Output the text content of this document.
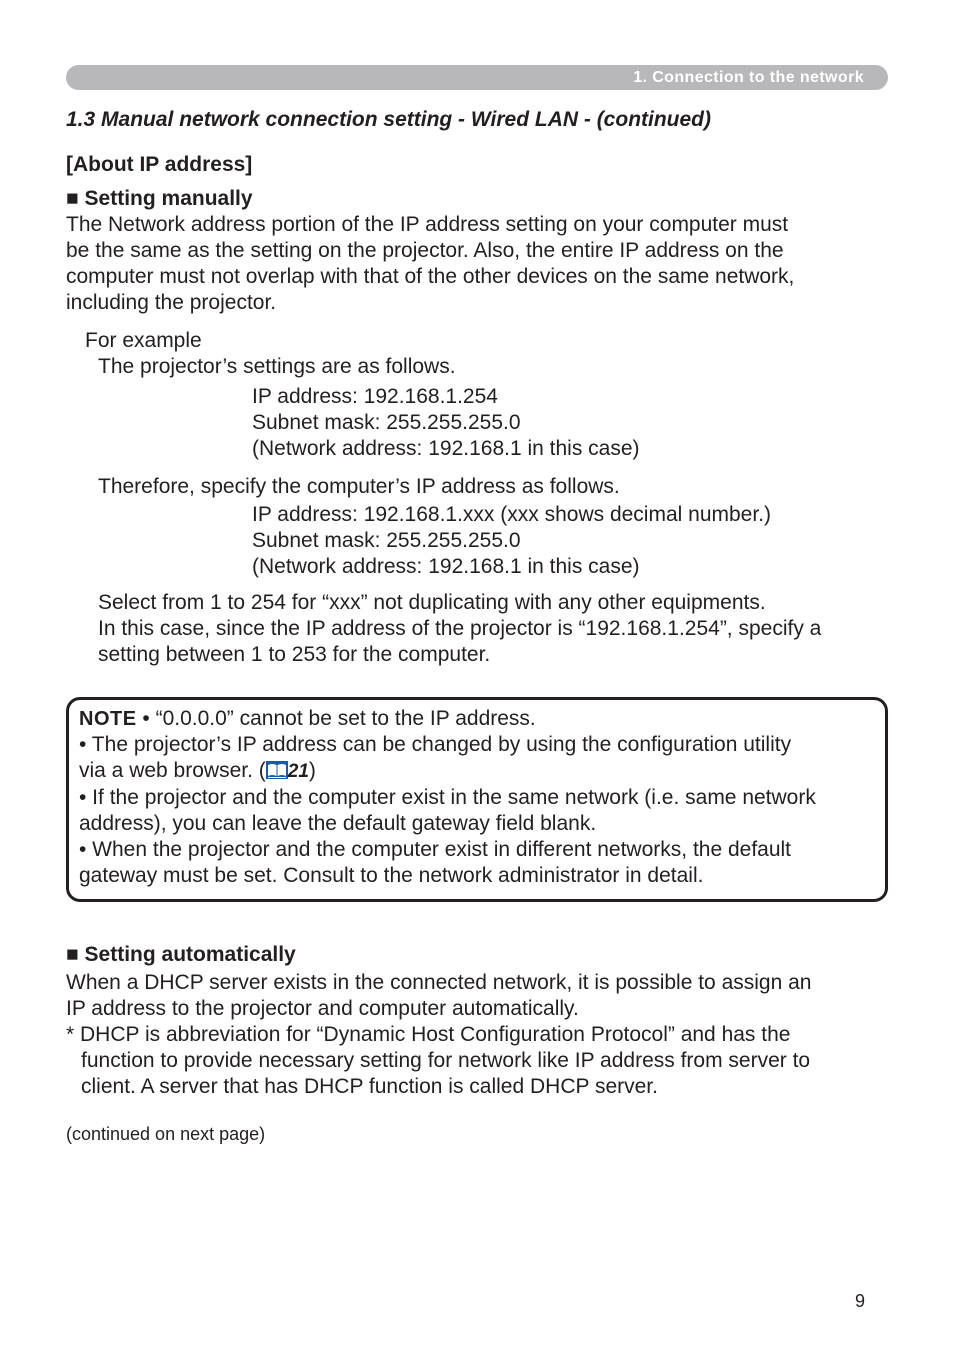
1. Connection to the network
1.3 Manual network connection setting - Wired LAN - (continued)
[About IP address]
■ Setting manually
The Network address portion of the IP address setting on your computer must
be the same as the setting on the projector. Also, the entire IP address on the
computer must not overlap with that of the other devices on the same network,
including the projector.
For example
The projector’s settings are as follows.
IP address: 192.168.1.254
Subnet mask: 255.255.255.0
(Network address: 192.168.1 in this case)
Therefore, specify the computer’s IP address as follows.
IP address: 192.168.1.xxx (xxx shows decimal number.)
Subnet mask: 255.255.255.0
(Network address: 192.168.1 in this case)
Select from 1 to 254 for “xxx” not duplicating with any other equipments.
In this case, since the IP address of the projector is “192.168.1.254”, specify a
setting between 1 to 253 for the computer.
NOTE • “0.0.0.0” cannot be set to the IP address.
• The projector’s IP address can be changed by using the configuration utility
via a web browser. ( 21)
• If the projector and the computer exist in the same network (i.e. same network
address), you can leave the default gateway field blank.
• When the projector and the computer exist in different networks, the default
gateway must be set. Consult to the network administrator in detail.
■ Setting automatically
When a DHCP server exists in the connected network, it is possible to assign an
IP address to the projector and computer automatically.
* DHCP is abbreviation for “Dynamic Host Configuration Protocol” and has the
function to provide necessary setting for network like IP address from server to
client. A server that has DHCP function is called DHCP server.
(continued on next page)
9
